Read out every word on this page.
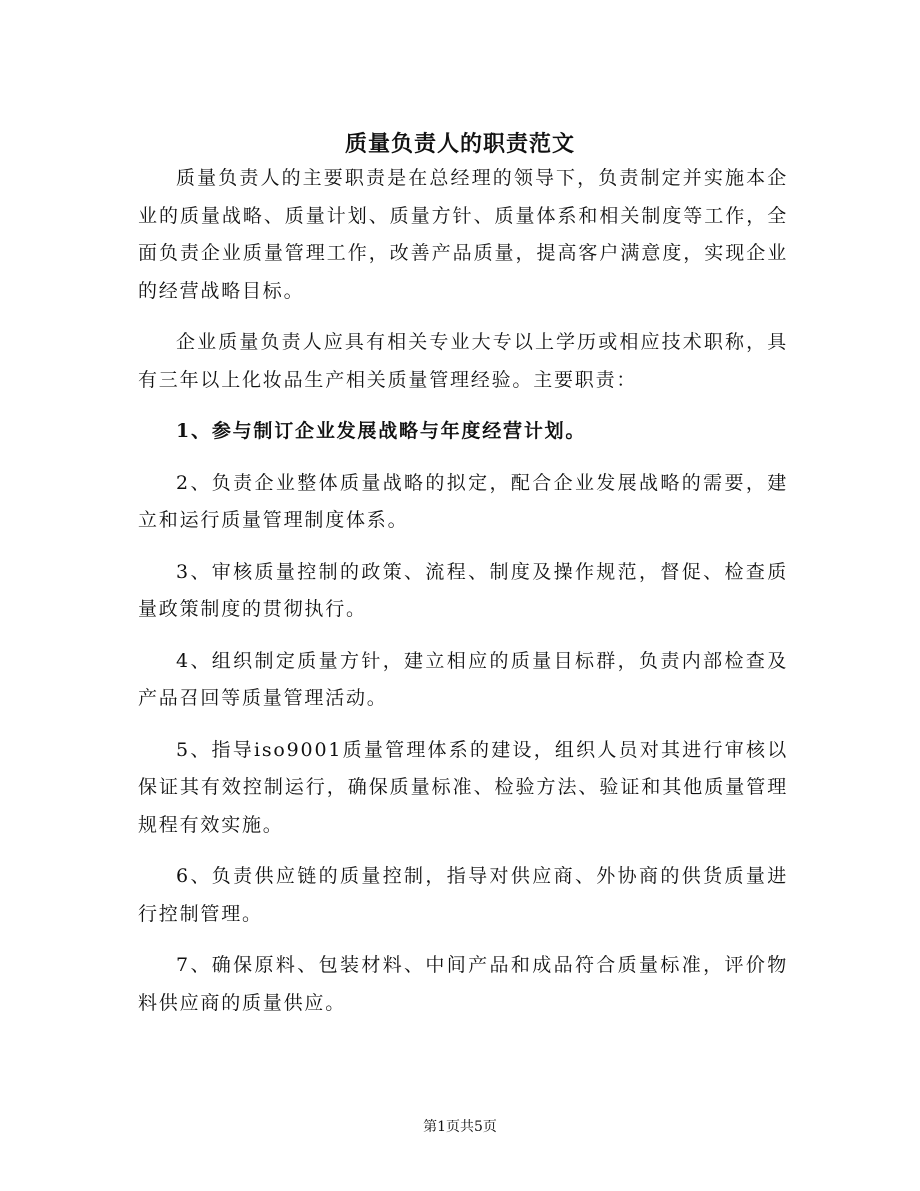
质量负责人的职责范文

质量负责人的主要职责是在总经理的领导下，负责制定并实施本企业的质量战略、质量计划、质量方针、质量体系和相关制度等工作，全面负责企业质量管理工作，改善产品质量，提高客户满意度，实现企业的经营战略目标。

企业质量负责人应具有相关专业大专以上学历或相应技术职称，具有三年以上化妆品生产相关质量管理经验。主要职责：

1、参与制订企业发展战略与年度经营计划。

2、负责企业整体质量战略的拟定，配合企业发展战略的需要，建立和运行质量管理制度体系。

3、审核质量控制的政策、流程、制度及操作规范，督促、检查质量政策制度的贯彻执行。

4、组织制定质量方针，建立相应的质量目标群，负责内部检查及产品召回等质量管理活动。

5、指导iso9001质量管理体系的建设，组织人员对其进行审核以保证其有效控制运行，确保质量标准、检验方法、验证和其他质量管理规程有效实施。

6、负责供应链的质量控制，指导对供应商、外协商的供货质量进行控制管理。

7、确保原料、包装材料、中间产品和成品符合质量标准，评价物料供应商的质量供应。

第1页共5页
